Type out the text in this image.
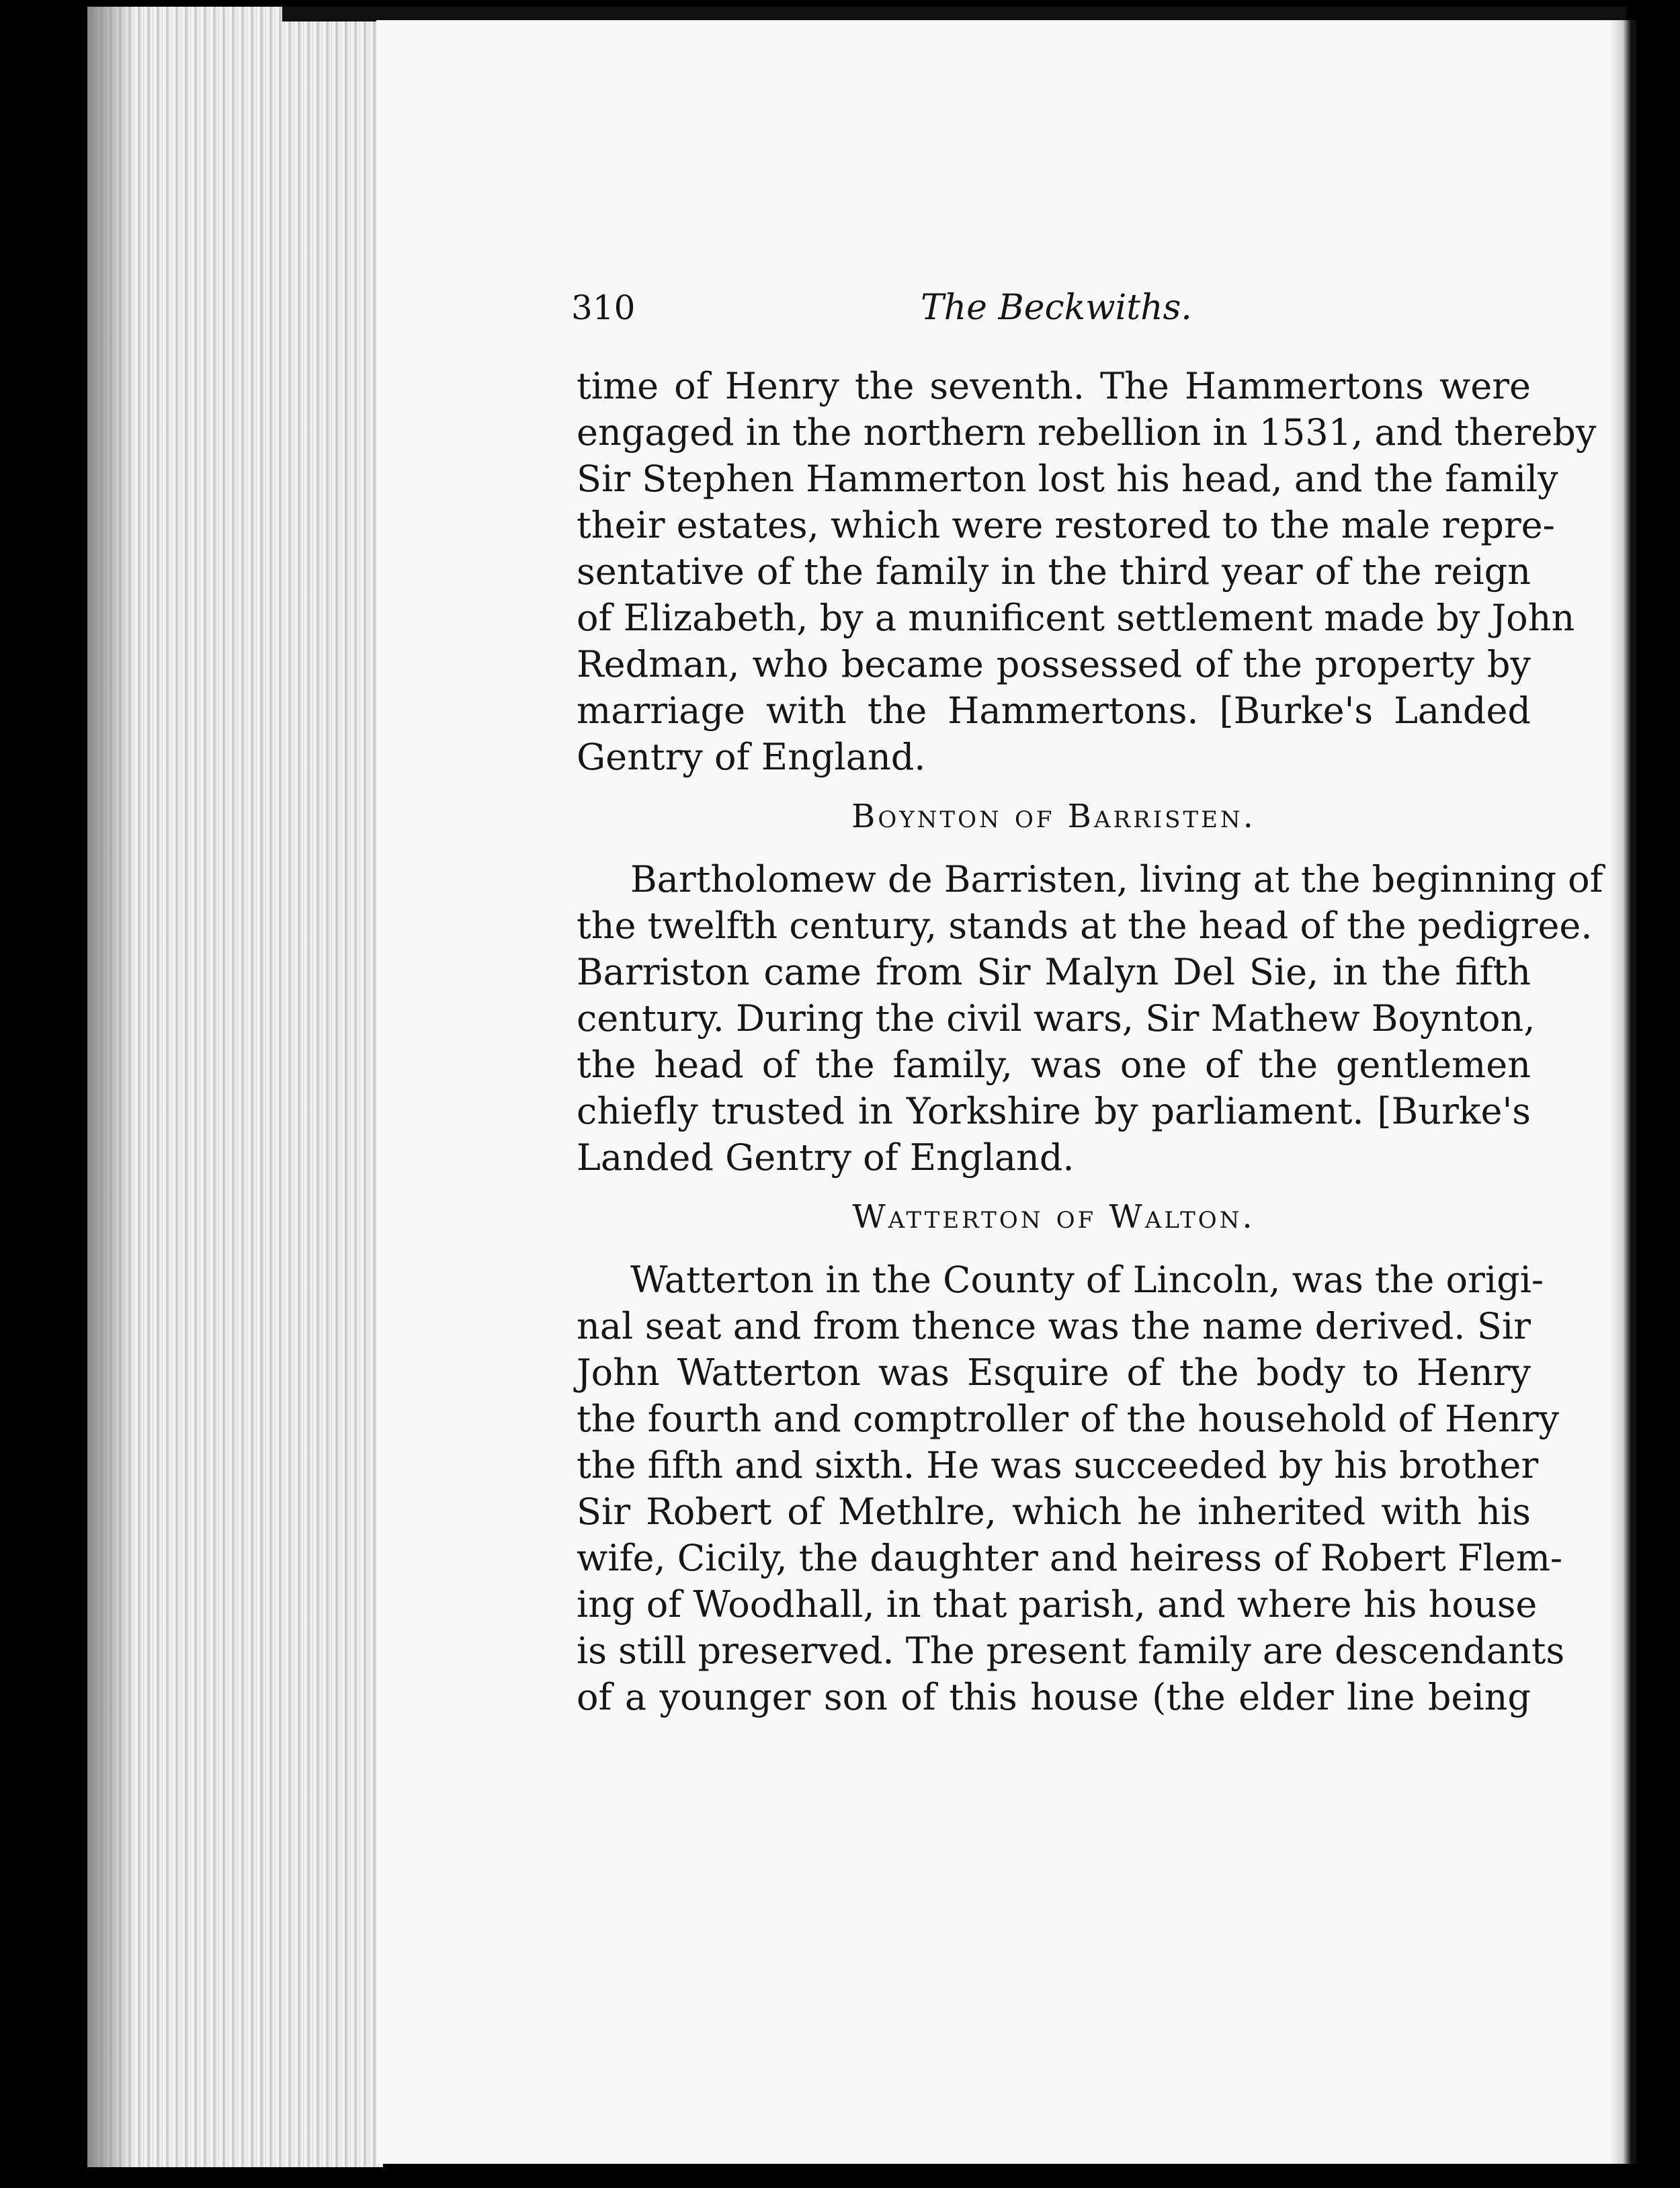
310	The Beckwiths.
time of Henry the seventh. The Hammertons were
engaged in the northern rebellion in 1531, and thereby
Sir Stephen Hammerton lost his head, and the family
their estates, which were restored to the male repre-
sentative of the family in the third year of the reign
of Elizabeth, by a munificent settlement made by John
Redman, who became possessed of the property by
marriage with the Hammertons. [Burke's Landed
Gentry of England.
Boynton of Barristen.
Bartholomew de Barristen, living at the beginning of
the twelfth century, stands at the head of the pedigree.
Barriston came from Sir Malyn Del Sie, in the fifth
century. During the civil wars, Sir Mathew Boynton,
the head of the family, was one of the gentlemen
chiefly trusted in Yorkshire by parliament. [Burke's
Landed Gentry of England.
Watterton of Walton.
Watterton in the County of Lincoln, was the origi-
nal seat and from thence was the name derived. Sir
John Watterton was Esquire of the body to Henry
the fourth and comptroller of the household of Henry
the fifth and sixth. He was succeeded by his brother
Sir Robert of Methlre, which he inherited with his
wife, Cicily, the daughter and heiress of Robert Flem-
ing of Woodhall, in that parish, and where his house
is still preserved. The present family are descendants
of a younger son of this house (the elder line being
